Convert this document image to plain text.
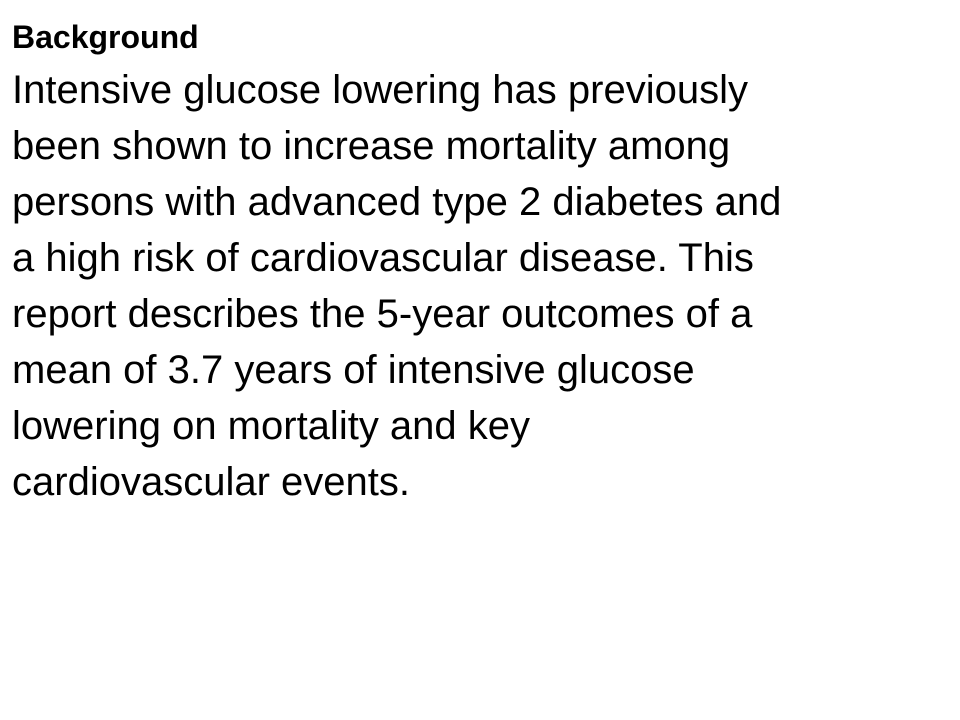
Background
Intensive glucose lowering has previously
been shown to increase mortality among
persons with advanced type 2 diabetes and
a high risk of cardiovascular disease. This
report describes the 5-year outcomes of a
mean of 3.7 years of intensive glucose
lowering on mortality and key
cardiovascular events.
